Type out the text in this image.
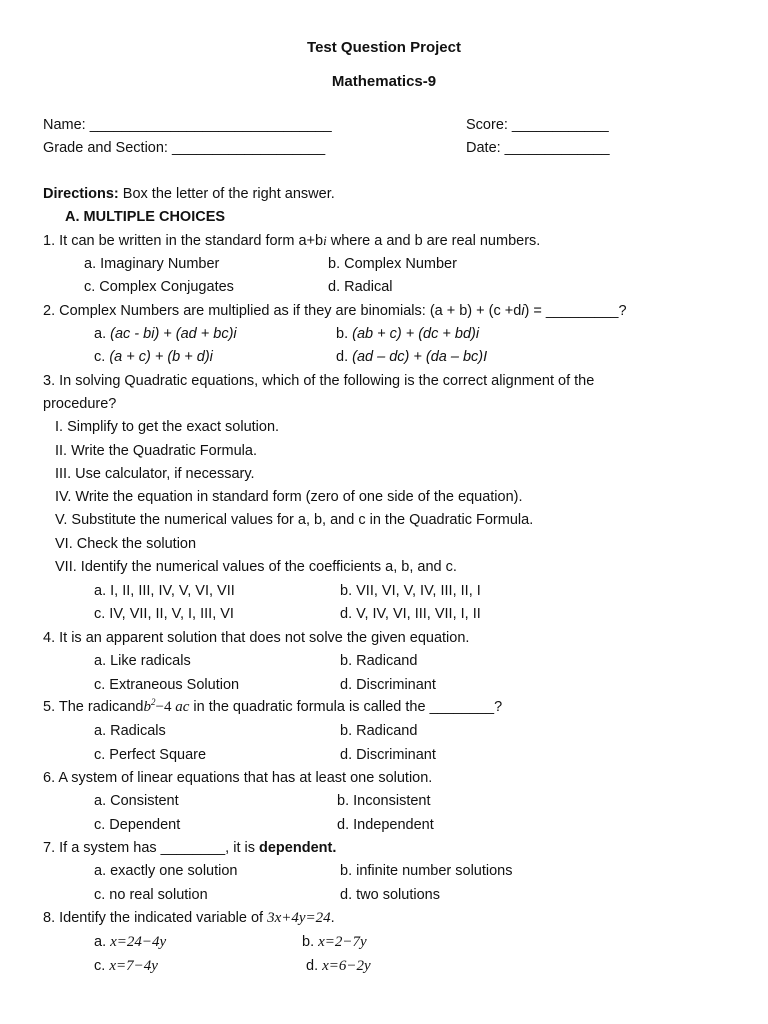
Test Question Project
Mathematics-9
Name: ______________________________	Score: ____________
Grade and Section: ___________________	Date: _____________
Directions: Box the letter of the right answer.
A. MULTIPLE CHOICES
1. It can be written in the standard form a+bi where a and b are real numbers.
a. Imaginary Number	b. Complex Number
c. Complex Conjugates	d. Radical
2. Complex Numbers are multiplied as if they are binomials: (a + b) + (c +di) = _________?
a. (ac - bi) + (ad + bc)i	b. (ab + c) + (dc + bd)i
c. (a + c) + (b + d)i	d. (ad – dc) + (da – bc)I
3. In solving Quadratic equations, which of the following is the correct alignment of the
procedure?
I. Simplify to get the exact solution.
II. Write the Quadratic Formula.
III. Use calculator, if necessary.
IV. Write the equation in standard form (zero of one side of the equation).
V. Substitute the numerical values for a, b, and c in the Quadratic Formula.
VI. Check the solution
VII. Identify the numerical values of the coefficients a, b, and c.
a. I, II, III, IV, V, VI, VII	b. VII, VI, V, IV, III, II, I
c. IV, VII, II, V, I, III, VI	d. V, IV, VI, III, VII, I, II
4. It is an apparent solution that does not solve the given equation.
a. Like radicals	b. Radicand
c. Extraneous Solution	d. Discriminant
5. The radicandb$^2$−4 ac in the quadratic formula is called the ________?
a. Radicals	b. Radicand
c. Perfect Square	d. Discriminant
6. A system of linear equations that has at least one solution.
a. Consistent	b. Inconsistent
c. Dependent	d. Independent
7. If a system has ________, it is dependent.
a. exactly one solution	b. infinite number solutions
c. no real solution	d. two solutions
8. Identify the indicated variable of 3x+4y=24.
a. x=24−4y	b. x=2−7y
c. x=7−4y	d. x=6−2y
